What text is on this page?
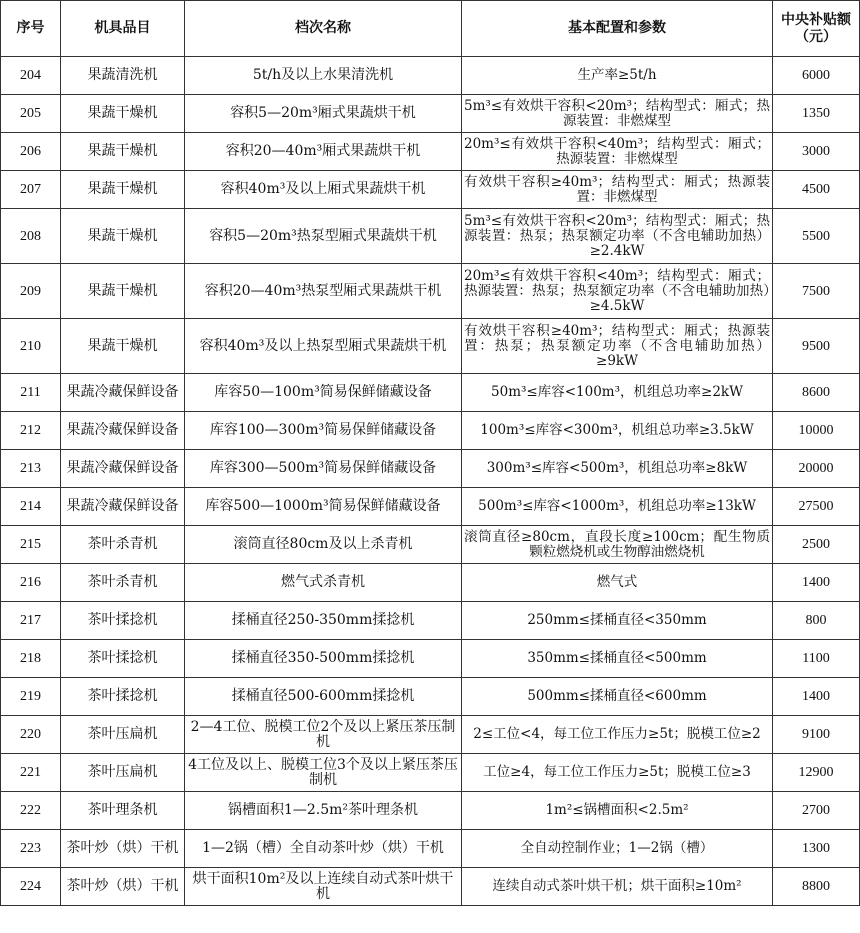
序号	机具品目	档次名称	基本配置和参数	中央补贴额（元）
204	果蔬清洗机	5t/h及以上水果清洗机	生产率≥5t/h	6000
205	果蔬干燥机	容积5—20m³厢式果蔬烘干机	5m³≤有效烘干容积<20m³；结构型式：厢式；热源装置：非燃煤型	1350
206	果蔬干燥机	容积20—40m³厢式果蔬烘干机	20m³≤有效烘干容积<40m³；结构型式：厢式；热源装置：非燃煤型	3000
207	果蔬干燥机	容积40m³及以上厢式果蔬烘干机	有效烘干容积≥40m³；结构型式：厢式；热源装置：非燃煤型	4500
208	果蔬干燥机	容积5—20m³热泵型厢式果蔬烘干机	5m³≤有效烘干容积<20m³；结构型式：厢式；热源装置：热泵；热泵额定功率（不含电辅助加热）≥2.4kW	5500
209	果蔬干燥机	容积20—40m³热泵型厢式果蔬烘干机	20m³≤有效烘干容积<40m³；结构型式：厢式；热源装置：热泵；热泵额定功率（不含电辅助加热）≥4.5kW	7500
210	果蔬干燥机	容积40m³及以上热泵型厢式果蔬烘干机	有效烘干容积≥40m³；结构型式：厢式；热源装置：热泵；热泵额定功率（不含电辅助加热）≥9kW	9500
211	果蔬冷藏保鲜设备	库容50—100m³简易保鲜储藏设备	50m³≤库容<100m³，机组总功率≥2kW	8600
212	果蔬冷藏保鲜设备	库容100—300m³简易保鲜储藏设备	100m³≤库容<300m³，机组总功率≥3.5kW	10000
213	果蔬冷藏保鲜设备	库容300—500m³简易保鲜储藏设备	300m³≤库容<500m³，机组总功率≥8kW	20000
214	果蔬冷藏保鲜设备	库容500—1000m³简易保鲜储藏设备	500m³≤库容<1000m³，机组总功率≥13kW	27500
215	茶叶杀青机	滚筒直径80cm及以上杀青机	滚筒直径≥80cm，直段长度≥100cm；配生物质颗粒燃烧机或生物醇油燃烧机	2500
216	茶叶杀青机	燃气式杀青机	燃气式	1400
217	茶叶揉捻机	揉桶直径250-350mm揉捻机	250mm≤揉桶直径<350mm	800
218	茶叶揉捻机	揉桶直径350-500mm揉捻机	350mm≤揉桶直径<500mm	1100
219	茶叶揉捻机	揉桶直径500-600mm揉捻机	500mm≤揉桶直径<600mm	1400
220	茶叶压扁机	2—4工位、脱模工位2个及以上紧压茶压制机	2≤工位<4，每工位工作压力≥5t；脱模工位≥2	9100
221	茶叶压扁机	4工位及以上、脱模工位3个及以上紧压茶压制机	工位≥4，每工位工作压力≥5t；脱模工位≥3	12900
222	茶叶理条机	锅槽面积1—2.5m²茶叶理条机	1m²≤锅槽面积<2.5m²	2700
223	茶叶炒（烘）干机	1—2锅（槽）全自动茶叶炒（烘）干机	全自动控制作业；1—2锅（槽）	1300
224	茶叶炒（烘）干机	烘干面积10m²及以上连续自动式茶叶烘干机	连续自动式茶叶烘干机；烘干面积≥10m²	8800
